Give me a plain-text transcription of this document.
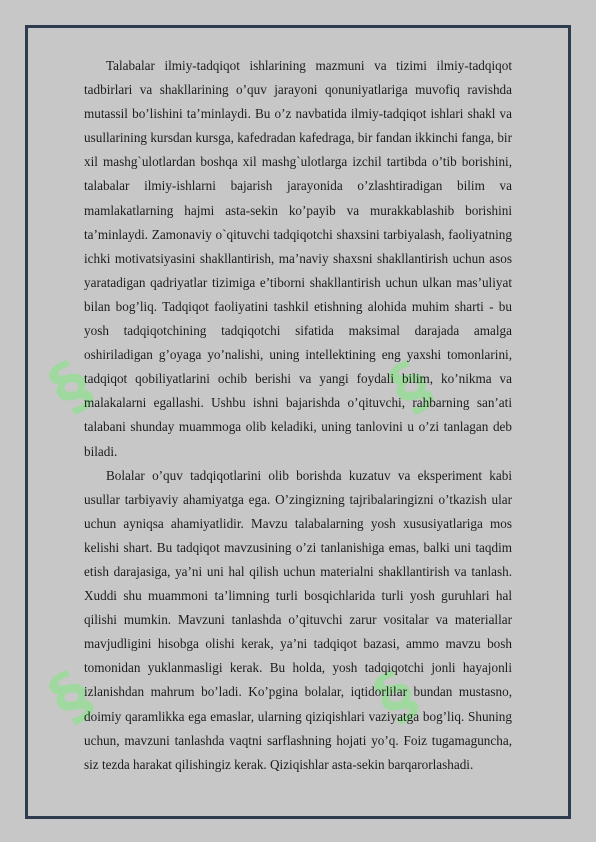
§	§
§	§

Talabalar ilmiy-tadqiqot ishlarining mazmuni va tizimi ilmiy-tadqiqot tadbirlari va shakllarining o’quv jarayoni qonuniyatlariga muvofiq ravishda mutassil bo’lishini ta’minlaydi. Bu o’z navbatida ilmiy-tadqiqot ishlari shakl va usullarining kursdan kursga, kafedradan kafedraga, bir fandan ikkinchi fanga, bir xil mashg`ulotlardan boshqa xil mashg`ulotlarga izchil tartibda o’tib borishini, talabalar ilmiy-ishlarni bajarish jarayonida o’zlashtiradigan bilim va mamlakatlarning hajmi asta-sekin ko’payib va murakkablashib borishini ta’minlaydi. Zamonaviy o`qituvchi tadqiqotchi shaxsini tarbiyalash, faoliyatning ichki motivatsiyasini shakllantirish, ma’naviy shaxsni shakllantirish uchun asos yaratadigan qadriyatlar tizimiga e’tiborni shakllantirish uchun ulkan mas’uliyat bilan bog’liq. Tadqiqot faoliyatini tashkil etishning alohida muhim sharti - bu yosh tadqiqotchining tadqiqotchi sifatida maksimal darajada amalga oshiriladigan g’oyaga yo’nalishi, uning intellektining eng yaxshi tomonlarini, tadqiqot qobiliyatlarini ochib berishi va yangi foydali bilim, ko’nikma va malakalarni egallashi. Ushbu ishni bajarishda o’qituvchi, rahbarning san’ati talabani shunday muammoga olib keladiki, uning tanlovini u o’zi tanlagan deb biladi.

Bolalar o’quv tadqiqotlarini olib borishda kuzatuv va eksperiment kabi usullar tarbiyaviy ahamiyatga ega. O’zingizning tajribalaringizni o’tkazish ular uchun ayniqsa ahamiyatlidir. Mavzu talabalarning yosh xususiyatlariga mos kelishi shart. Bu tadqiqot mavzusining o’zi tanlanishiga emas, balki uni taqdim etish darajasiga, ya’ni uni hal qilish uchun materialni shakllantirish va tanlash. Xuddi shu muammoni ta’limning turli bosqichlarida turli yosh guruhlari hal qilishi mumkin. Mavzuni tanlashda o’qituvchi zarur vositalar va materiallar mavjudligini hisobga olishi kerak, ya’ni tadqiqot bazasi, ammo mavzu bosh tomonidan yuklanmasligi kerak. Bu holda, yosh tadqiqotchi jonli hayajonli izlanishdan mahrum bo’ladi. Ko’pgina bolalar, iqtidorlilar bundan mustasno, doimiy qaramlikka ega emaslar, ularning qiziqishlari vaziyatga bog’liq. Shuning uchun, mavzuni tanlashda vaqtni sarflashning hojati yo’q. Foiz tugamaguncha, siz tezda harakat qilishingiz kerak. Qiziqishlar asta-sekin barqarorlashadi.
